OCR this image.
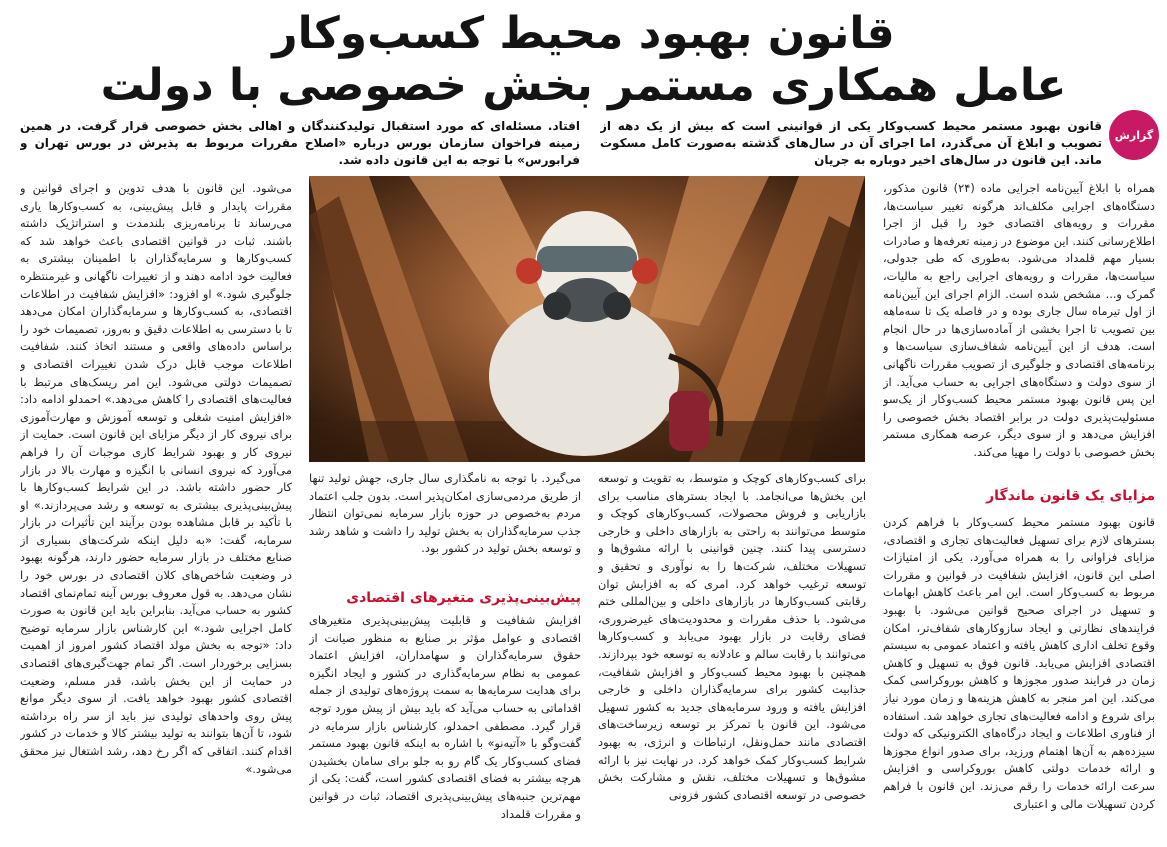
قانون بهبود محیط کسب‌وکار
عامل همکاری مستمر بخش خصوصی با دولت
گزارش
قانون بهبود مستمر محیط کسب‌وکار یکی از قوانینی است که بیش از یک دهه از تصویب و ابلاغ آن می‌گذرد، اما اجرای آن در سال‌های گذشته به‌صورت کامل مسکوت ماند. این قانون در سال‌های اخیر دوباره به جریان
افتاد. مسئله‌ای که مورد استقبال تولیدکنندگان و اهالی بخش خصوصی قرار گرفت. در همین زمینه فراخوان سازمان بورس درباره «اصلاح مقررات مربوط به پذیرش در بورس تهران و فرابورس» با توجه به این قانون داده شد.

همراه با ابلاغ آیین‌نامه اجرایی ماده (۲۴) قانون مذکور، دستگاه‌های اجرایی مکلف‌اند هرگونه تغییر سیاست‌ها، مقررات و رویه‌های اقتصادی خود را قبل از اجرا اطلاع‌رسانی کنند. این موضوع در زمینه تعرفه‌ها و صادرات بسیار مهم قلمداد می‌شود. به‌طوری که طی جدولی، سیاست‌ها، مقررات و رویه‌های اجرایی راجع به مالیات، گمرک و... مشخص شده است. الزام اجرای این آیین‌نامه از اول تیرماه سال جاری بوده و در فاصله یک تا سه‌ماهه بین تصویب تا اجرا بخشی از آماده‌سازی‌ها در حال انجام است. هدف از این آیین‌نامه شفاف‌سازی سیاست‌ها و برنامه‌های اقتصادی و جلوگیری از تصویب مقررات ناگهانی از سوی دولت و دستگاه‌های اجرایی به حساب می‌آید. از این پس قانون بهبود مستمر محیط کسب‌وکار از یک‌سو مسئولیت‌پذیری دولت در برابر اقتصاد بخش خصوصی را افزایش می‌دهد و از سوی دیگر، عرصه همکاری مستمر بخش خصوصی با دولت را مهیا می‌کند.

مزایای یک قانون ماندگار

قانون بهبود مستمر محیط کسب‌وکار با فراهم کردن بسترهای لازم برای تسهیل فعالیت‌های تجاری و اقتصادی، مزایای فراوانی را به همراه می‌آورد. یکی از امتیازات اصلی این قانون، افزایش شفافیت در قوانین و مقررات مربوط به کسب‌وکار است. این امر باعث کاهش ابهامات و تسهیل در اجرای صحیح قوانین می‌شود. با بهبود فرایندهای نظارتی و ایجاد سازوکارهای شفاف‌تر، امکان وقوع تخلف اداری کاهش یافته و اعتماد عمومی به سیستم اقتصادی افزایش می‌یابد. قانون فوق به تسهیل و کاهش زمان در فرایند صدور مجوزها و کاهش بوروکراسی کمک می‌کند. این امر منجر به کاهش هزینه‌ها و زمان مورد نیاز برای شروع و ادامه فعالیت‌های تجاری خواهد شد. استفاده از فناوری اطلاعات و ایجاد درگاه‌های الکترونیکی که دولت سیزده‌هم به آن‌ها اهتمام ورزید، برای صدور انواع مجوزها و ارائه خدمات دولتی کاهش بوروکراسی و افزایش سرعت ارائه خدمات را رقم می‌زند. این قانون با فراهم کردن تسهیلات مالی و اعتباری

برای کسب‌وکارهای کوچک و متوسط، به تقویت و توسعه این بخش‌ها می‌انجامد. با ایجاد بسترهای مناسب برای بازاریابی و فروش محصولات، کسب‌وکارهای کوچک و متوسط می‌توانند به راحتی به بازارهای داخلی و خارجی دسترسی پیدا کنند. چنین قوانینی با ارائه مشوق‌ها و تسهیلات مختلف، شرکت‌ها را به نوآوری و تحقیق و توسعه ترغیب خواهد کرد. امری که به افزایش توان رقابتی کسب‌وکارها در بازارهای داخلی و بین‌المللی ختم می‌شود. با حذف مقررات و محدودیت‌های غیرضروری، فضای رقابت در بازار بهبود می‌یابد و کسب‌وکارها می‌توانند با رقابت سالم و عادلانه به توسعه خود بپردازند. همچنین با بهبود محیط کسب‌وکار و افزایش شفافیت، جذابیت کشور برای سرمایه‌گذاران داخلی و خارجی افزایش یافته و ورود سرمایه‌های جدید به کشور تسهیل می‌شود. این قانون با تمرکز بر توسعه زیرساخت‌های اقتصادی مانند حمل‌ونقل، ارتباطات و انرژی، به بهبود شرایط کسب‌وکار کمک خواهد کرد. در نهایت نیز با ارائه مشوق‌ها و تسهیلات مختلف، نقش و مشارکت بخش خصوصی در توسعه اقتصادی کشور فزونی

می‌گیرد. با توجه به نامگذاری سال جاری، جهش تولید تنها از طریق مردمی‌سازی امکان‌پذیر است. بدون جلب اعتماد مردم به‌خصوص در حوزه بازار سرمایه نمی‌توان انتظار جذب سرمایه‌گذاران به بخش تولید را داشت و شاهد رشد و توسعه بخش تولید در کشور بود.

پیش‌بینی‌پذیری متغیرهای اقتصادی

افزایش شفافیت و قابلیت پیش‌بینی‌پذیری متغیرهای اقتصادی و عوامل مؤثر بر صنایع به منظور صیانت از حقوق سرمایه‌گذاران و سهامداران، افزایش اعتماد عمومی به نظام سرمایه‌گذاری در کشور و ایجاد انگیزه برای هدایت سرمایه‌ها به سمت پروژه‌های تولیدی از جمله اقداماتی به حساب می‌آید که باید بیش از پیش مورد توجه قرار گیرد. مصطفی احمدلو، کارشناس بازار سرمایه در گفت‌وگو با «آتیه‌نو» با اشاره به اینکه قانون بهبود مستمر فضای کسب‌وکار یک گام رو به جلو برای سامان بخشیدن هرچه بیشتر به فضای اقتصادی کشور است، گفت: یکی از مهم‌ترین جنبه‌های پیش‌بینی‌پذیری اقتصاد، ثبات در قوانین و مقررات قلمداد

می‌شود. این قانون با هدف تدوین و اجرای قوانین و مقررات پایدار و قابل پیش‌بینی، به کسب‌وکارها یاری می‌رساند تا برنامه‌ریزی بلندمدت و استراتژیک داشته باشند. ثبات در قوانین اقتصادی باعث خواهد شد که کسب‌وکارها و سرمایه‌گذاران با اطمینان بیشتری به فعالیت خود ادامه دهند و از تغییرات ناگهانی و غیرمنتظره جلوگیری شود.» او افزود: «افزایش شفافیت در اطلاعات اقتصادی، به کسب‌وکارها و سرمایه‌گذاران امکان می‌دهد تا با دسترسی به اطلاعات دقیق و به‌روز، تصمیمات خود را براساس داده‌های واقعی و مستند اتخاذ کنند. شفافیت اطلاعات موجب قابل درک شدن تغییرات اقتصادی و تصمیمات دولتی می‌شود. این امر ریسک‌های مرتبط با فعالیت‌های اقتصادی را کاهش می‌دهد.» احمدلو ادامه داد: «افزایش امنیت شغلی و توسعه آموزش و مهارت‌آموزی برای نیروی کار از دیگر مزایای این قانون است. حمایت از نیروی کار و بهبود شرایط کاری موجبات آن را فراهم می‌آورد که نیروی انسانی با انگیزه و مهارت بالا در بازار کار حضور داشته باشد. در این شرایط کسب‌وکارها با پیش‌بینی‌پذیری بیشتری به توسعه و رشد می‌پردازند.» او با تأکید بر قابل مشاهده بودن برآیند این تأثیرات در بازار سرمایه، گفت: «به دلیل اینکه شرکت‌های بسیاری از صنایع مختلف در بازار سرمایه حضور دارند، هرگونه بهبود در وضعیت شاخص‌های کلان اقتصادی در بورس خود را نشان می‌دهد. به قول معروف بورس آینه تمام‌نمای اقتصاد کشور به حساب می‌آید. بنابراین باید این قانون به صورت کامل اجرایی شود.» این کارشناس بازار سرمایه توضیح داد: «توجه به بخش مولد اقتصاد کشور امروز از اهمیت بسزایی برخوردار است. اگر تمام جهت‌گیری‌های اقتصادی در حمایت از این بخش باشد، قدر مسلم، وضعیت اقتصادی کشور بهبود خواهد یافت. از سوی دیگر موانع پیش روی واحدهای تولیدی نیز باید از سر راه برداشته شود، تا آن‌ها بتوانند به تولید بیشتر کالا و خدمات در کشور اقدام کنند. اتفاقی که اگر رخ دهد، رشد اشتغال نیز محقق می‌شود.»
